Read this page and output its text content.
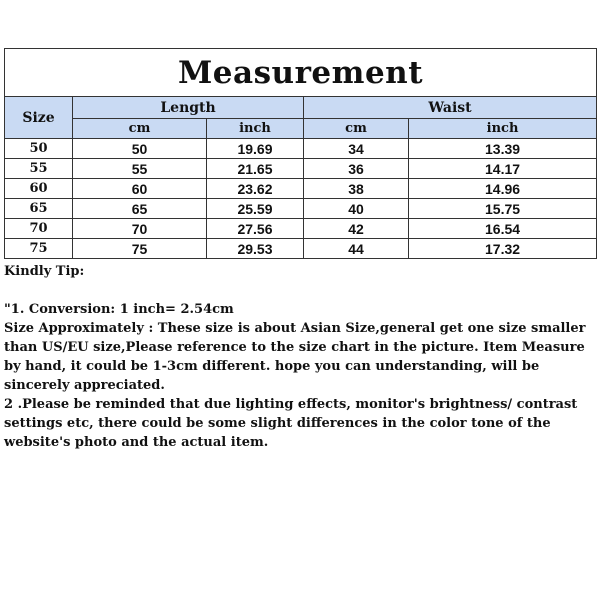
Measurement				
Size	Length		Waist	
	cm	inch	cm	inch
50	50	19.69	34	13.39
55	55	21.65	36	14.17
60	60	23.62	38	14.96
65	65	25.59	40	15.75
70	70	27.56	42	16.54
75	75	29.53	44	17.32

Kindly Tip:

"1. Conversion: 1 inch= 2.54cm

Size Approximately : These size is about Asian Size,general get one size smaller than US/EU size,Please reference to the size chart in the picture. Item Measure by hand, it could be 1-3cm different. hope you can understanding, will be sincerely appreciated.

2 .Please be reminded that due lighting effects, monitor's brightness/ contrast settings etc, there could be some slight differences in the color tone of the website's photo and the actual item.
